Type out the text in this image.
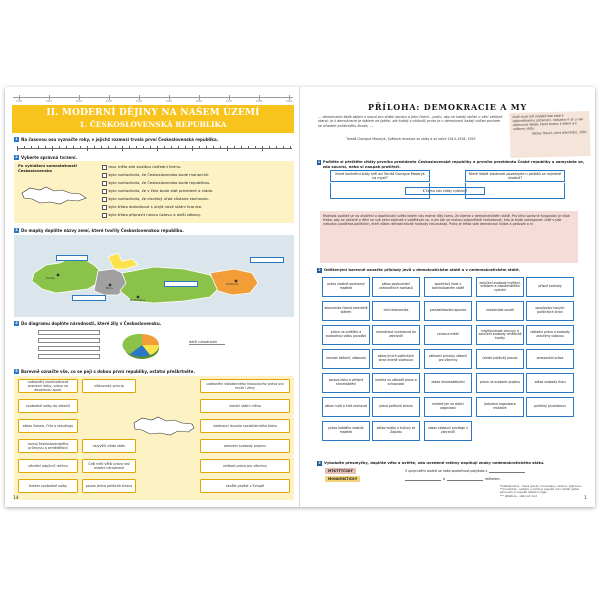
1900	1910	1920	1930	1940	1950	1960	1970	1980	1990
II. MODERNÍ DĚJINY NA NAŠEM ÚZEMÍ
1. ČESKOSLOVENSKÁ REPUBLIKA
1 Na časovou osu vyznačte roky, v jejichž rozmezí trvala první Československá republika.
2 Vyberte správná tvrzení.
Po vyhlášení samostatnosti Československa
moc měla zde složitou ústřední formu.
bylo rozhodnuto, že Československo bude monarchií.
bylo rozhodnuto, že Československo bude republikou.
bylo rozhodnuto, že v čele bude stát prezident a vláda.
bylo rozhodnuto, že císařský úřad zůstane zachován.
bylo třeba dohodnout s ulajit nové státní hranice.
bylo třeba připravit novou ústavu a další zákony.
3 Do mapky doplňte názvy zemí, které tvořily Československou republiku.
Praha
Brno
Bratislava
Užhorod
4 Do diagramu doplňte národnosti, které žily v Československu.
další národnosti
5 Barevně označte vše, co se pojí s dobou první republiky, ostatní přeškrtněte.
uzákonění osmihodinové pracovní doby, právo na dovolenou apod.
vůdcovský princip
svobodné volby do zákonů
uzákonění všeobecného hlasovacího práva pro muže i ženy
zákaz Sokola, Orla a skautingu
vlastní státní měna
rozvoj československého průmyslu a zemědělství
vládnoucí dvouka socialistického bloku
věznění odpůrců režimu
Češi měli větší práva než ostatní národnosti
omezení svobody projevu
pouze jedna politická strana
velikost práva pro všechny
skvělá pověst v Evropě
tiskem svobodné volby
nejvyšší vláda státu
14
PŘÍLOHA: DEMOKRACIE A MY
… demokracie žádá zájem o smysl pro státní správu a jeho řízení – proto, aby se každý občan o věci veřejné staral; je-li demokracie je státem ne jakési, ale každý z občanů; proto je v demokracii každý občan povinen se účastnit politického života, …
Tomáš Garrigue Masaryk, Světová revoluce za války a ve válce 1914–1918, 1925
Dobí musí mít mládež kde také k odpovědnému občanství, nebudou-li se u nás objevovat ideály, které budou k lidem a k našemu státu.
Václav Havel, Letní přemítání, 1991
1 Počtěte si přečtěte citáty prvního prezidenta Československé republiky a prvního prezidenta České republiky a zamyslete se, zda souvisí, nebo si naopak protiřečí.
Které konkrétní státy měl asi Tomáš Garrigue Masaryk na mysli?
Které lidské vlastnosti považujete u politiků za nejméně vhodné?
K čemu nás citáty vybízejí?
Možnost podílet se na utváření a doplňování světa kolem nás máme díky tomu, že žijeme v demokratickém státě. Pro jeho správné fungování je však třeba, aby se občané o dění ve své zemi zajímali a vzdělávali se, a jen tak se mohou odpovědně rozhodovat, kdo je bude zastupovat. Lidé v pak nebudou podléhat politikům, kteří vůbec demokratické hodnoty neuznávají. Proto je třeba stát demokracii hlídat a pečovat o ni.
2 Odlišenými barevně označte příklady jevů v demokratickém státě a v nedemokratickém státě.
právo vlastnit soukromý majetek
zákaz poslouchání zahraničních rozhlasů
spolehlivý život v kontrolovaném státě
zaručení svobody myšlení, svědomí a náboženského vyznání
přísné kontroly
ekonomika řízená centrálně státem	tržní ekonomika	pronásledování opozice	nezávislost soudů	povolování nových politických stran
právo na vzdělání a svobodnou volbu povolání
nemožnost vycestovat do zahraničí	cenzura médií
nepřípustnost cenzury a zaručení svobody umělecké tvorby
základní práva a svobody zaručeny ústavou
rovnost občanů, zákonost	zákaz jiných politických stran kromě vládnoucí
základní principy zákonů pro všechny	úřední politický proces	omezování práva
oprava tisku a veřejné shromáždění
kariéra na základě praxe a schopností	zákaz shromažďování	právo na svobodu projevu	zákaz svobody tisku
zákaz nutit a hrát zachovat	jedna politická strana	mládež jen ve státní organizaci
jednotná organizace mládeže	politický pluralismus
právo každého vlastnit majetek
zákaz hudby a kultury ze Západu
zákaz cestovní privilegií v zahraničí
3 Vybubdte přesmyčky, doplňte věta a ověřte, zda uvedené režimy naplňují znaky nedemokratického státu.
MTKTTTČSKÝ
MONUMISTICKÝ
V uplynulém století se naše společnost potýkala s
a	režimem.
*totalitarismus – řízení jedním, mocenskou, vedoucí, zájmovou
**monarchie – systém, v němž je nejvyšší mocí vladař (jeden panovník) či nejvyšší ústřední orgán
*** diktatura – stát pod mocí
1
